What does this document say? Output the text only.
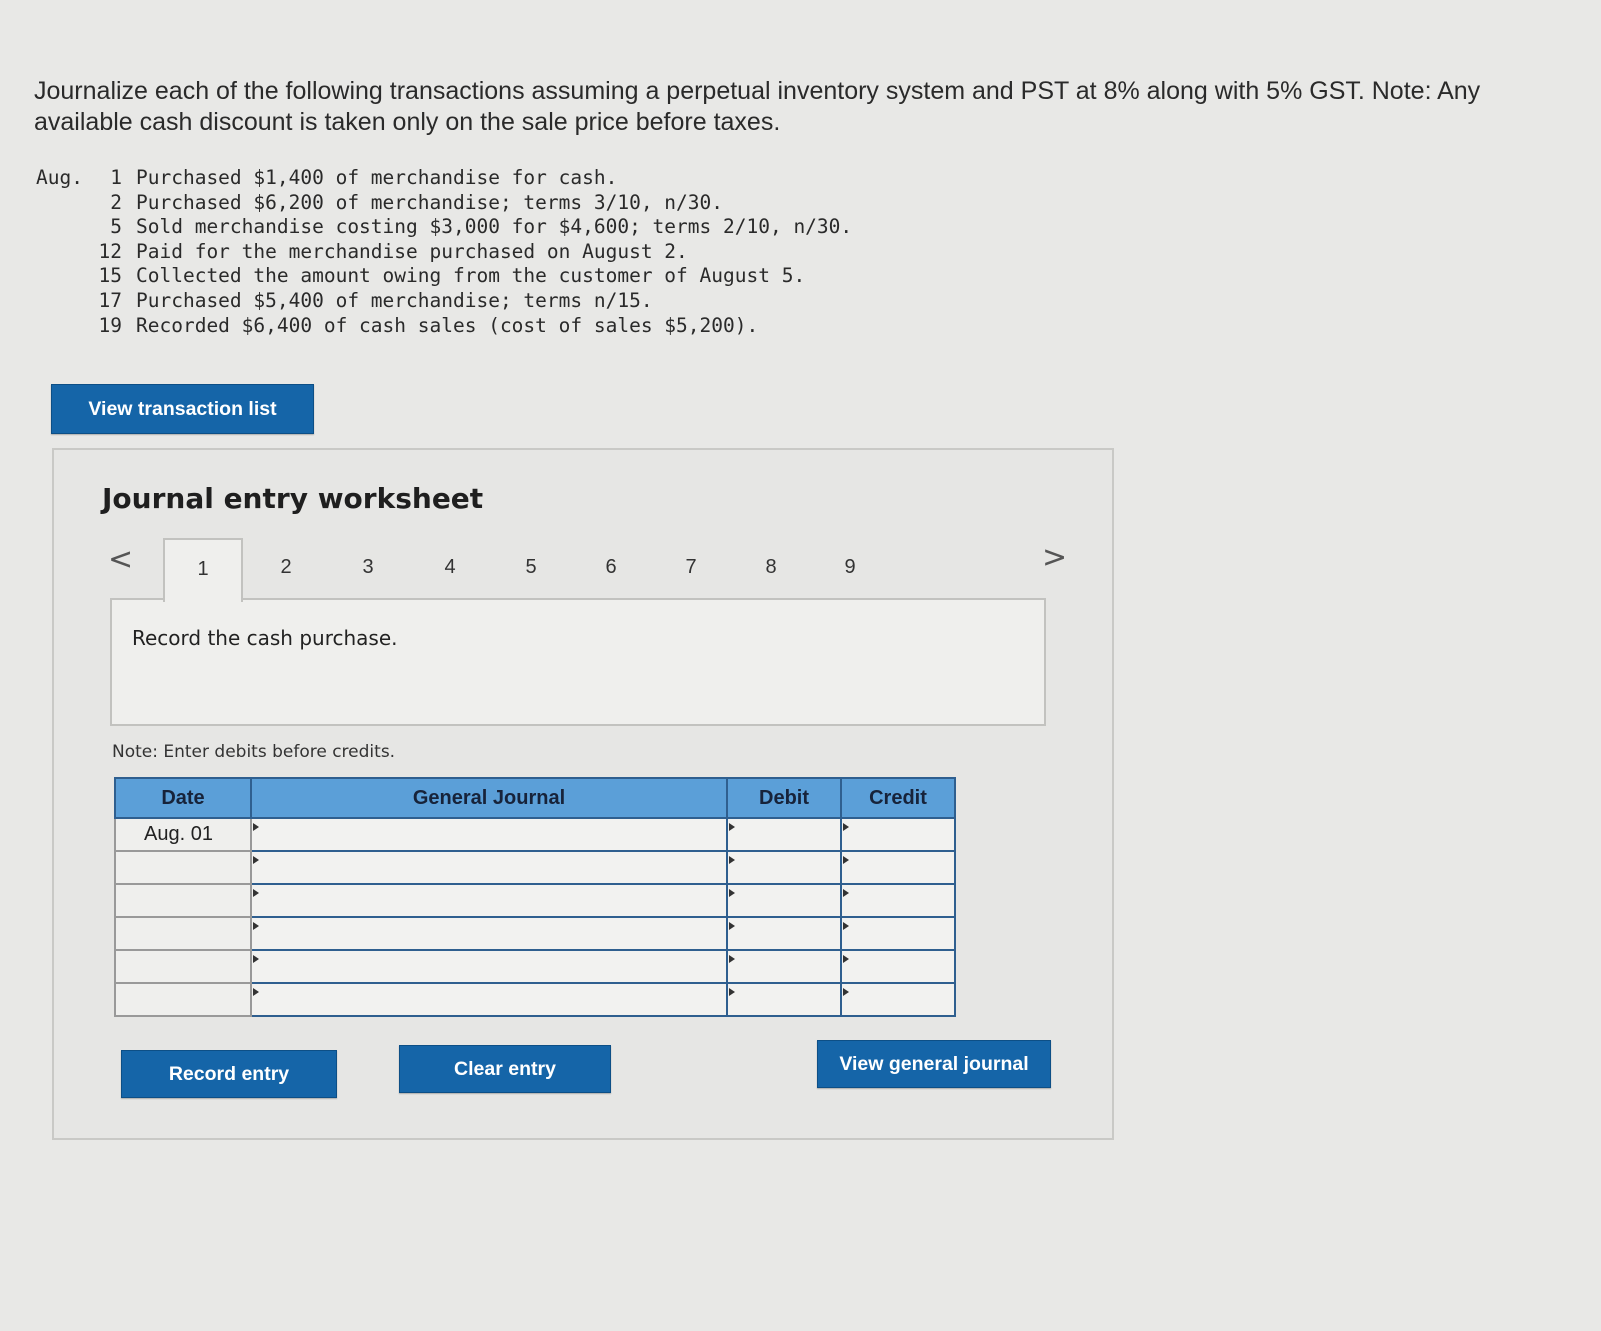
Journalize each of the following transactions assuming a perpetual inventory system and PST at 8% along with 5% GST. Note: Any available cash discount is taken only on the sale price before taxes.
Aug.	1 Purchased $1,400 of merchandise for cash.
2 Purchased $6,200 of merchandise; terms 3/10, n/30.
5 Sold merchandise costing $3,000 for $4,600; terms 2/10, n/30.
12 Paid for the merchandise purchased on August 2.
15 Collected the amount owing from the customer of August 5.
17 Purchased $5,400 of merchandise; terms n/15.
19 Recorded $6,400 of cash sales (cost of sales $5,200).
View transaction list
Journal entry worksheet
<	1	2	3	4	5	6	7	8	9	>
Record the cash purchase.
Note: Enter debits before credits.
Date	General Journal	Debit	Credit
Aug. 01			

Record entry	Clear entry	View general journal
